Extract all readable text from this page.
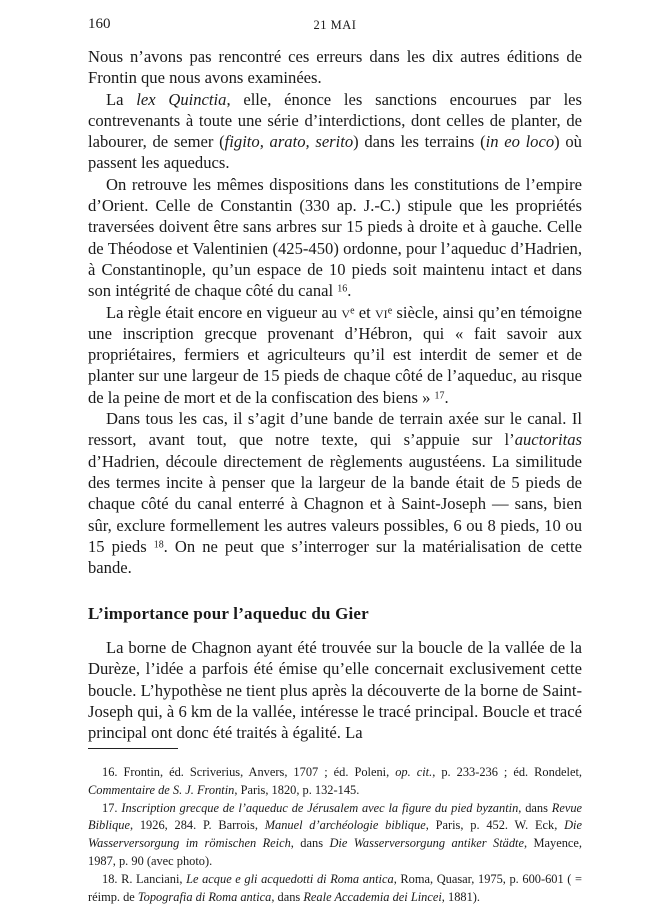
160	21 MAI

Nous n’avons pas rencontré ces erreurs dans les dix autres éditions de Frontin que nous avons examinées.

La lex Quinctia, elle, énonce les sanctions encourues par les contrevenants à toute une série d’interdictions, dont celles de planter, de labourer, de semer (figito, arato, serito) dans les terrains (in eo loco) où passent les aqueducs.

On retrouve les mêmes dispositions dans les constitutions de l’empire d’Orient. Celle de Constantin (330 ap. J.-C.) stipule que les propriétés traversées doivent être sans arbres sur 15 pieds à droite et à gauche. Celle de Théodose et Valentinien (425-450) ordonne, pour l’aqueduc d’Hadrien, à Constantinople, qu’un espace de 10 pieds soit maintenu intact et dans son intégrité de chaque côté du canal $^{16}$.

La règle était encore en vigueur au $v^e$ et $vi^e$ siècle, ainsi qu’en témoigne une inscription grecque provenant d’Hébron, qui « fait savoir aux propriétaires, fermiers et agriculteurs qu’il est interdit de semer et de planter sur une largeur de 15 pieds de chaque côté de l’aqueduc, au risque de la peine de mort et de la confiscation des biens » $^{17}$.

Dans tous les cas, il s’agit d’une bande de terrain axée sur le canal. Il ressort, avant tout, que notre texte, qui s’appuie sur l’auctoritas d’Hadrien, découle directement de règlements augustéens. La similitude des termes incite à penser que la largeur de la bande était de 5 pieds de chaque côté du canal enterré à Chagnon et à Saint-Joseph — sans, bien sûr, exclure formellement les autres valeurs possibles, 6 ou 8 pieds, 10 ou 15 pieds $^{18}$. On ne peut que s’interroger sur la matérialisation de cette bande.

L’importance pour l’aqueduc du Gier

La borne de Chagnon ayant été trouvée sur la boucle de la vallée de la Durèze, l’idée a parfois été émise qu’elle concernait exclusivement cette boucle. L’hypothèse ne tient plus après la découverte de la borne de Saint-Joseph qui, à 6 km de la vallée, intéresse le tracé principal. Boucle et tracé principal ont donc été traités à égalité. La

16. Frontin, éd. Scriverius, Anvers, 1707 ; éd. Poleni, op. cit., p. 233-236 ; éd. Rondelet, Commentaire de S. J. Frontin, Paris, 1820, p. 132-145.

17. Inscription grecque de l’aqueduc de Jérusalem avec la figure du pied byzantin, dans Revue Biblique, 1926, 284. P. Barrois, Manuel d’archéologie biblique, Paris, p. 452. W. Eck, Die Wasserversorgung im römischen Reich, dans Die Wasserversorgung antiker Städte, Mayence, 1987, p. 90 (avec photo).

18. R. Lanciani, Le acque e gli acquedotti di Roma antica, Roma, Quasar, 1975, p. 600-601 ( = réimp. de Topografia di Roma antica, dans Reale Accademia dei Lincei, 1881).
